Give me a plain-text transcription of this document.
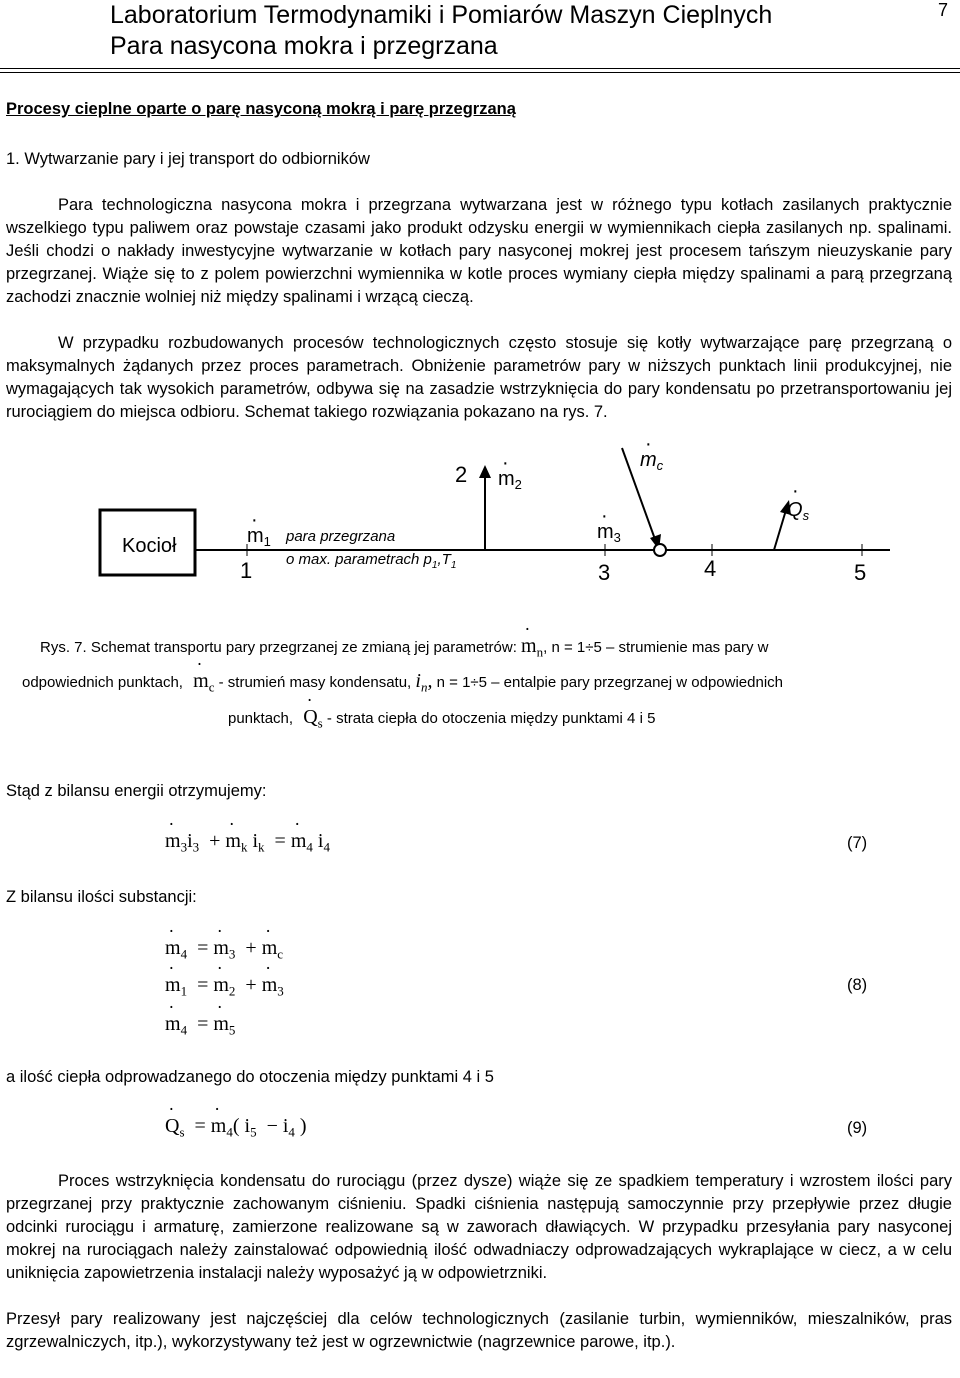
Laboratorium Termodynamiki i Pomiarów Maszyn Cieplnych
Para nasycona mokra i przegrzana
7
Procesy cieplne oparte o parę nasyconą mokrą i parę przegrzaną
1. Wytwarzanie pary i jej transport do odbiorników
Para technologiczna nasycona mokra i przegrzana wytwarzana jest w różnego typu kotłach zasilanych praktycznie wszelkiego typu paliwem oraz powstaje czasami jako produkt odzysku energii w wymiennikach ciepła zasilanych np. spalinami. Jeśli chodzi o nakłady inwestycyjne wytwarzanie w kotłach pary nasyconej mokrej jest procesem tańszym nieuzyskanie pary przegrzanej. Wiąże się to z polem powierzchni wymiennika w kotle proces wymiany ciepła między spalinami a parą przegrzaną zachodzi znacznie wolniej niż między spalinami i wrzącą cieczą.
W przypadku rozbudowanych procesów technologicznych często stosuje się kotły wytwarzające parę przegrzaną o maksymalnych żądanych przez proces parametrach. Obniżenie parametrów pary w niższych punktach linii produkcyjnej, nie wymagających tak wysokich parametrów, odbywa się na zasadzie wstrzyknięcia do pary kondensatu po przetransportowaniu jej rurociągiem do miejsca odbioru. Schemat takiego rozwiązania pokazano na rys. 7.
Kocioł	para przegrzana
o max. parametrach $p_1,T_1$
$m_1$
·
$m_2$
·
$m_3$
·
$m_c$
·
$Q_s$
·
1
2
3	4	5
Rys. 7. Schemat transportu pary przegrzanej ze zmianą jej parametrów: ˙ $m_n$, n = 1÷5 – strumienie mas pary w
odpowiednich punktach, ˙ $m_c$ - strumień masy kondensatu, $i_n$, n = 1÷5 – entalpie pary przegrzanej w odpowiednich
punktach, ˙ $Q_s$ - strata ciepła do otoczenia między punktami 4 i 5
Stąd z bilansu energii otrzymujemy:
˙ $m_3i_3$  + ˙ $m_k$ $i_k$  = ˙ $m_4$ $i_4$	(7)
Z bilansu ilości substancji:
˙ $m_4$  = ˙ $m_3$  + ˙ $m_c$
˙ $m_1$  = ˙ $m_2$  + ˙ $m_3$
˙ $m_4$  = ˙ $m_5$
(8)
a ilość ciepła odprowadzanego do otoczenia między punktami 4 i 5
˙ $Q_s$  = ˙ $m_4$( $i_5 - i_4$ )	(9)
Proces wstrzyknięcia kondensatu do rurociągu (przez dysze) wiąże się ze spadkiem temperatury i wzrostem ilości pary przegrzanej przy praktycznie zachowanym ciśnieniu. Spadki ciśnienia następują samoczynnie przy przepływie przez długie odcinki rurociągu i armaturę, zamierzone realizowane są w zaworach dławiących. W przypadku przesyłania pary nasyconej mokrej na rurociągach należy zainstalować odpowiednią ilość odwadniaczy odprowadzających wykraplające w ciecz, a w celu uniknięcia zapowietrzenia instalacji należy wyposażyć ją w odpowietrzniki.
Przesył pary realizowany jest najczęściej dla celów technologicznych (zasilanie turbin, wymienników, mieszalników, pras zgrzewalniczych, itp.), wykorzystywany też jest w ogrzewnictwie (nagrzewnice parowe, itp.).
